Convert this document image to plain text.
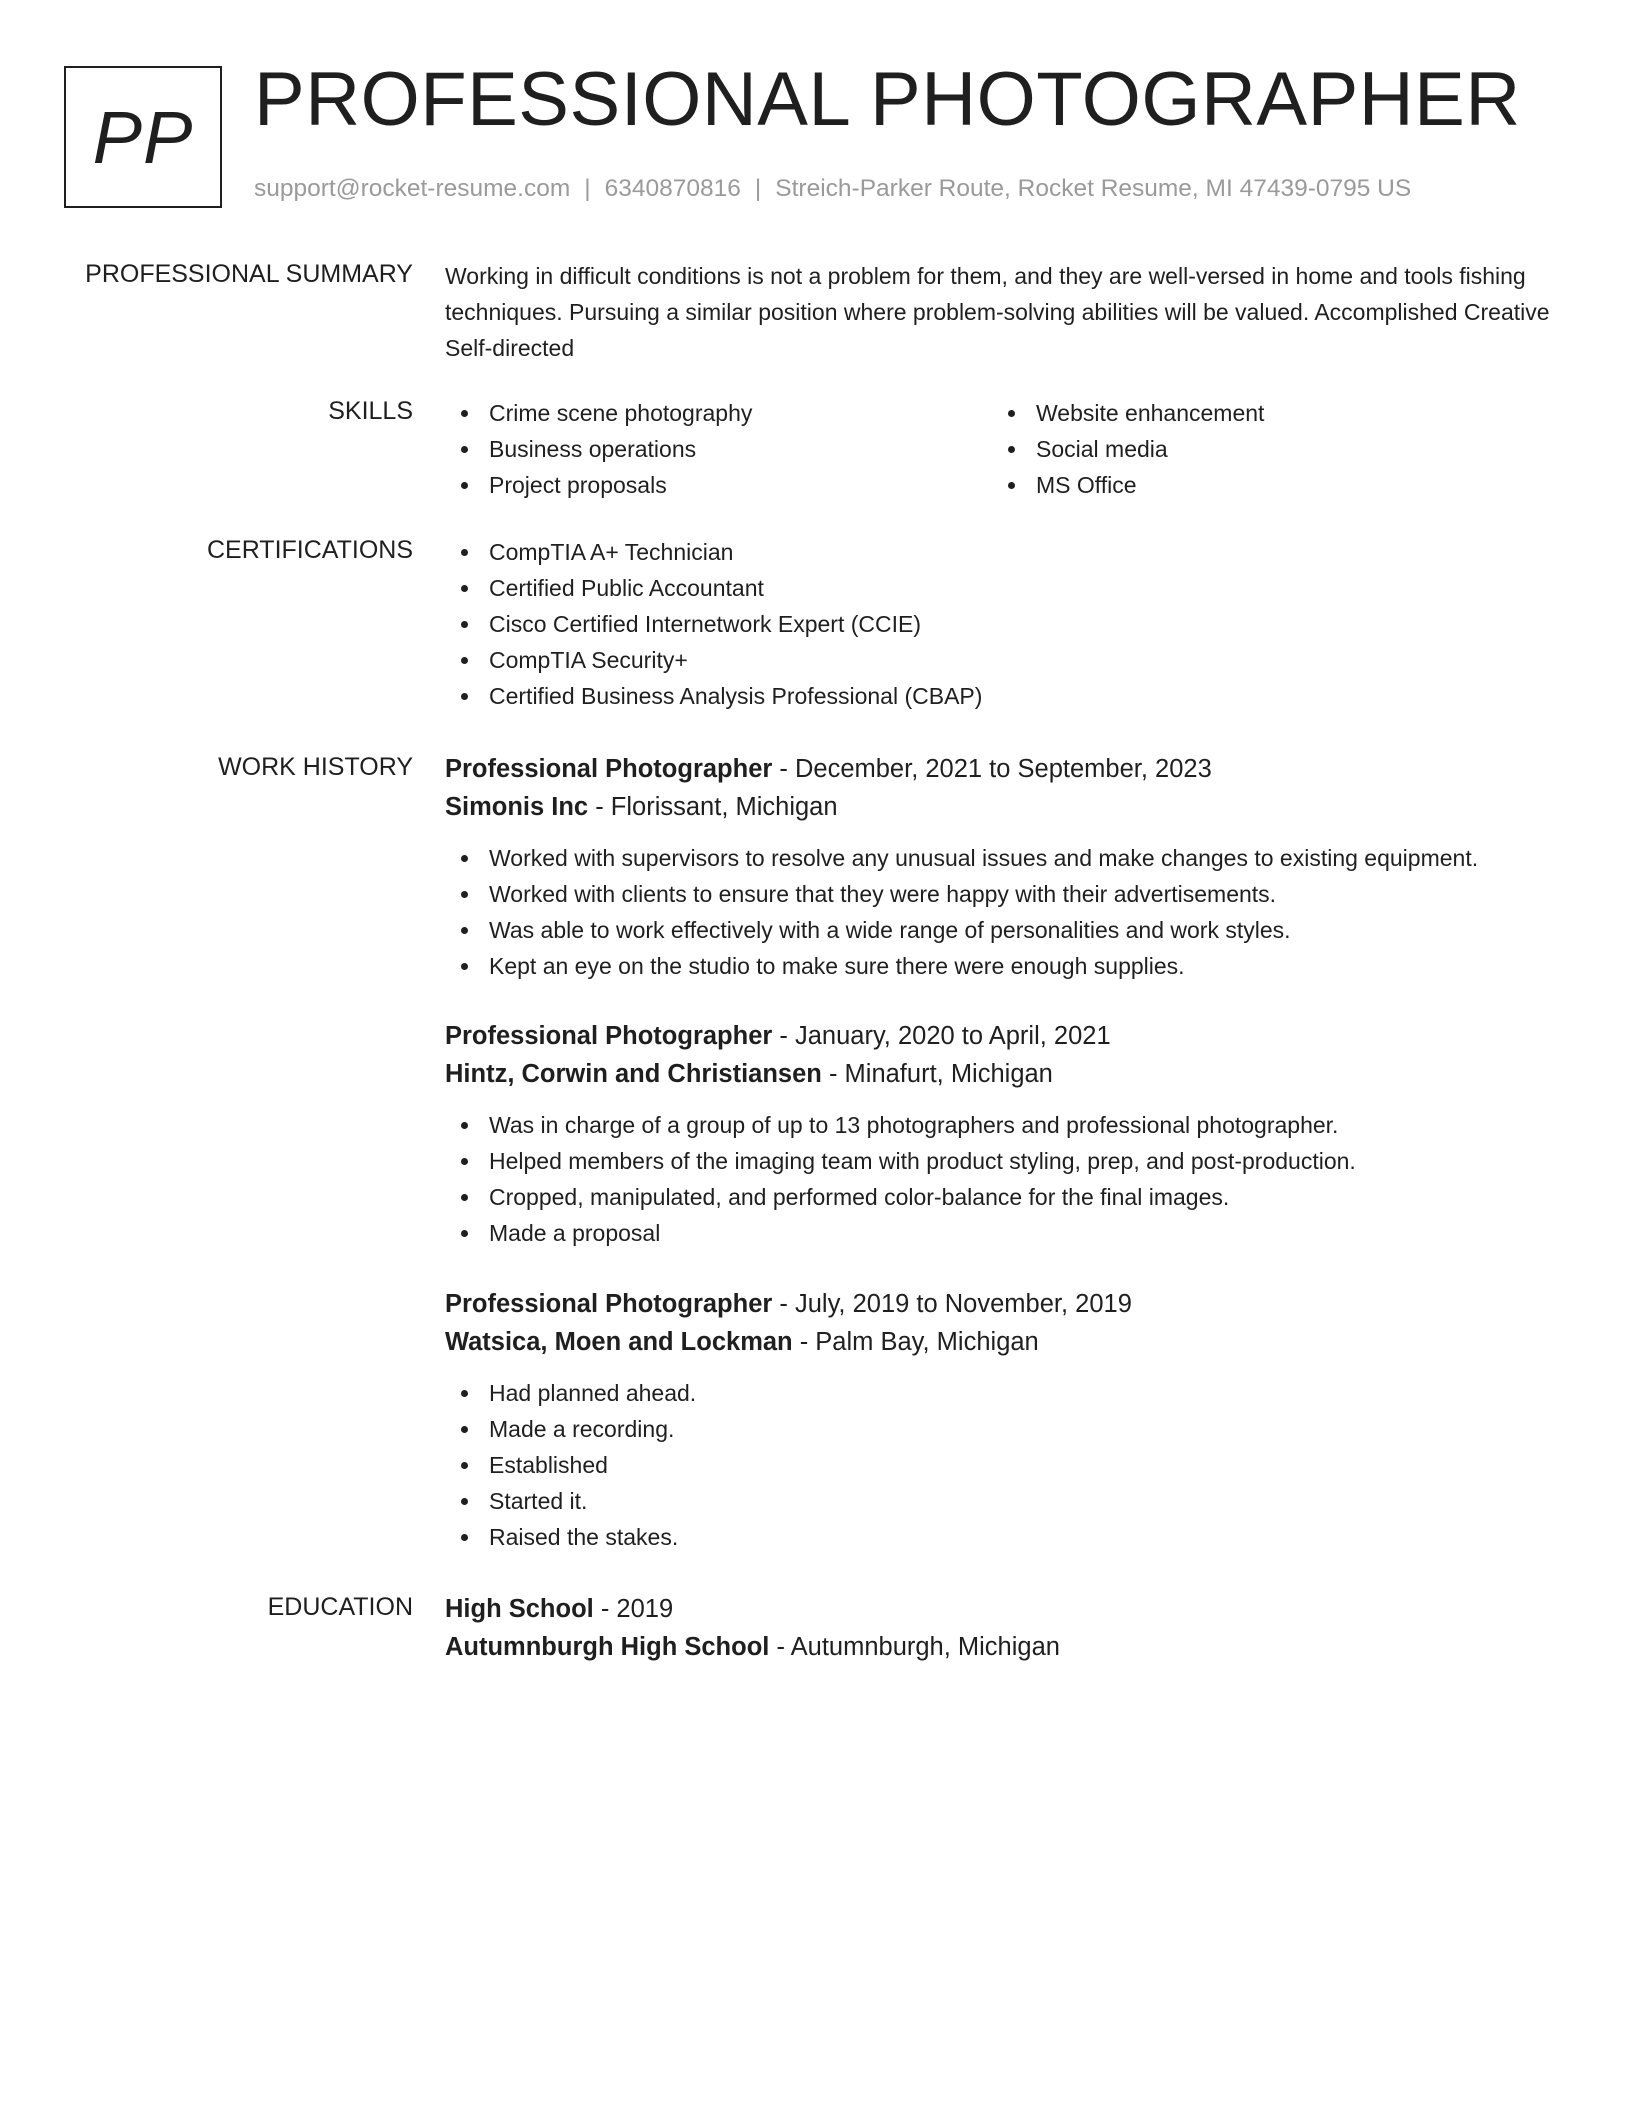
PP PROFESSIONAL PHOTOGRAPHER
support@rocket-resume.com | 6340870816 | Streich-Parker Route, Rocket Resume, MI 47439-0795 US
PROFESSIONAL SUMMARY Working in difficult conditions is not a problem for them, and they are well-versed in home and tools fishing techniques. Pursuing a similar position where problem-solving abilities will be valued. Accomplished Creative Self-directed
SKILLS	Crime scene photography
Business operations
Project proposals
Website enhancement
Social media
MS Office
CERTIFICATIONS	CompTIA A+ Technician
Certified Public Accountant
Cisco Certified Internetwork Expert (CCIE)
CompTIA Security+
Certified Business Analysis Professional (CBAP)
WORK HISTORY Professional Photographer - December, 2021 to September, 2023
Simonis Inc - Florissant, Michigan
Worked with supervisors to resolve any unusual issues and make changes to existing equipment.
Worked with clients to ensure that they were happy with their advertisements.
Was able to work effectively with a wide range of personalities and work styles.
Kept an eye on the studio to make sure there were enough supplies.
Professional Photographer - January, 2020 to April, 2021
Hintz, Corwin and Christiansen - Minafurt, Michigan
Was in charge of a group of up to 13 photographers and professional photographer.
Helped members of the imaging team with product styling, prep, and post-production.
Cropped, manipulated, and performed color-balance for the final images.
Made a proposal
Professional Photographer - July, 2019 to November, 2019
Watsica, Moen and Lockman - Palm Bay, Michigan
Had planned ahead.
Made a recording.
Established
Started it.
Raised the stakes.
EDUCATION High School - 2019
Autumnburgh High School - Autumnburgh, Michigan
